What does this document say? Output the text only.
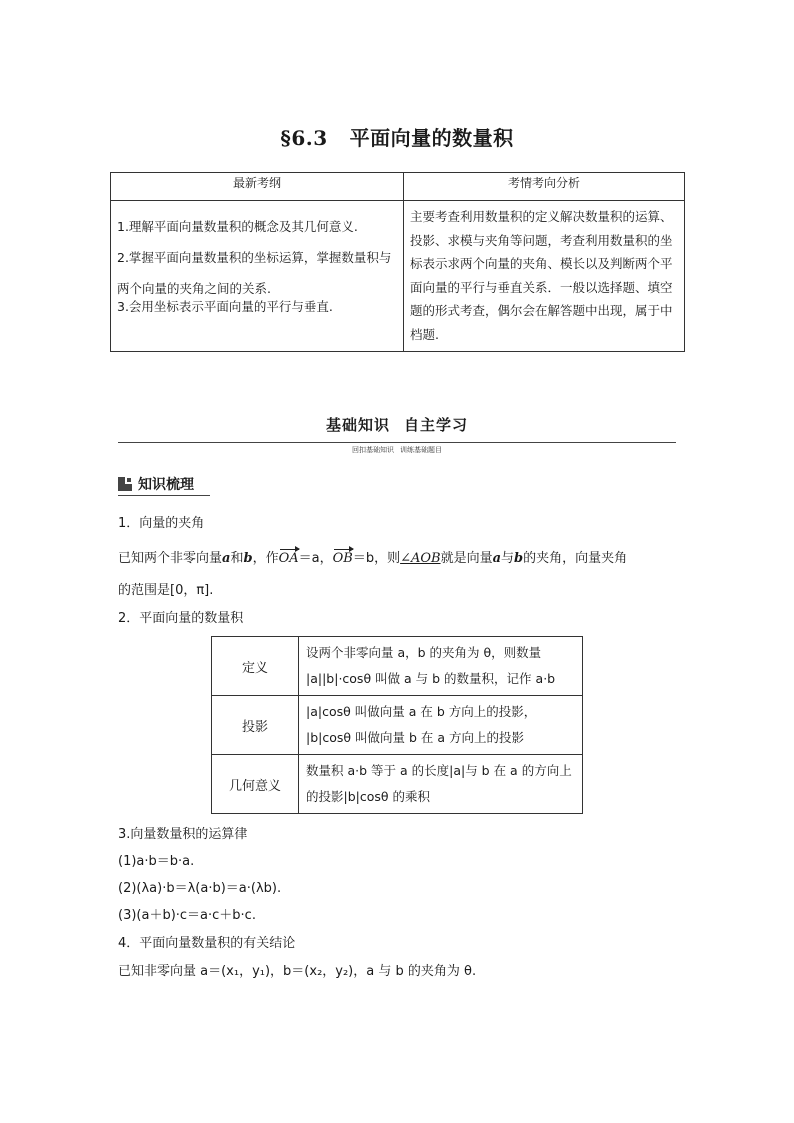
§6.3 平面向量的数量积
最新考纲	考情考向分析

1.理解平面向量数量积的概念及其几何意义.
2.掌握平面向量数量积的坐标运算，掌握数量积与两个向量的夹角之间的关系.
3.会用坐标表示平面向量的平行与垂直.	主要考查利用数量积的定义解决数量积的运算、投影、求模与夹角等问题，考查利用数量积的坐标表示求两个向量的夹角、模长以及判断两个平面向量的平行与垂直关系．一般以选择题、填空题的形式考查，偶尔会在解答题中出现，属于中档题.
基础知识 自主学习
回扣基础知识 训练基础题目
知识梳理
1．向量的夹角
已知两个非零向量a和b，作OA＝a，OB＝b，则∠AOB就是向量a与b的夹角，向量夹角
的范围是[0，π].
2．平面向量的数量积
定义	设两个非零向量 a，b 的夹角为 θ，则数量
|a||b|·cosθ 叫做 a 与 b 的数量积，记作 a·b

投影	|a|cosθ 叫做向量 a 在 b 方向上的投影，
|b|cosθ 叫做向量 b 在 a 方向上的投影

几何意义	数量积 a·b 等于 a 的长度|a|与 b 在 a 的方向上
的投影|b|cosθ 的乘积
3.向量数量积的运算律
(1)a·b＝b·a.
(2)(λa)·b＝λ(a·b)＝a·(λb).
(3)(a＋b)·c＝a·c＋b·c.
4．平面向量数量积的有关结论
已知非零向量 a＝(x₁，y₁)，b＝(x₂，y₂)，a 与 b 的夹角为 θ.
